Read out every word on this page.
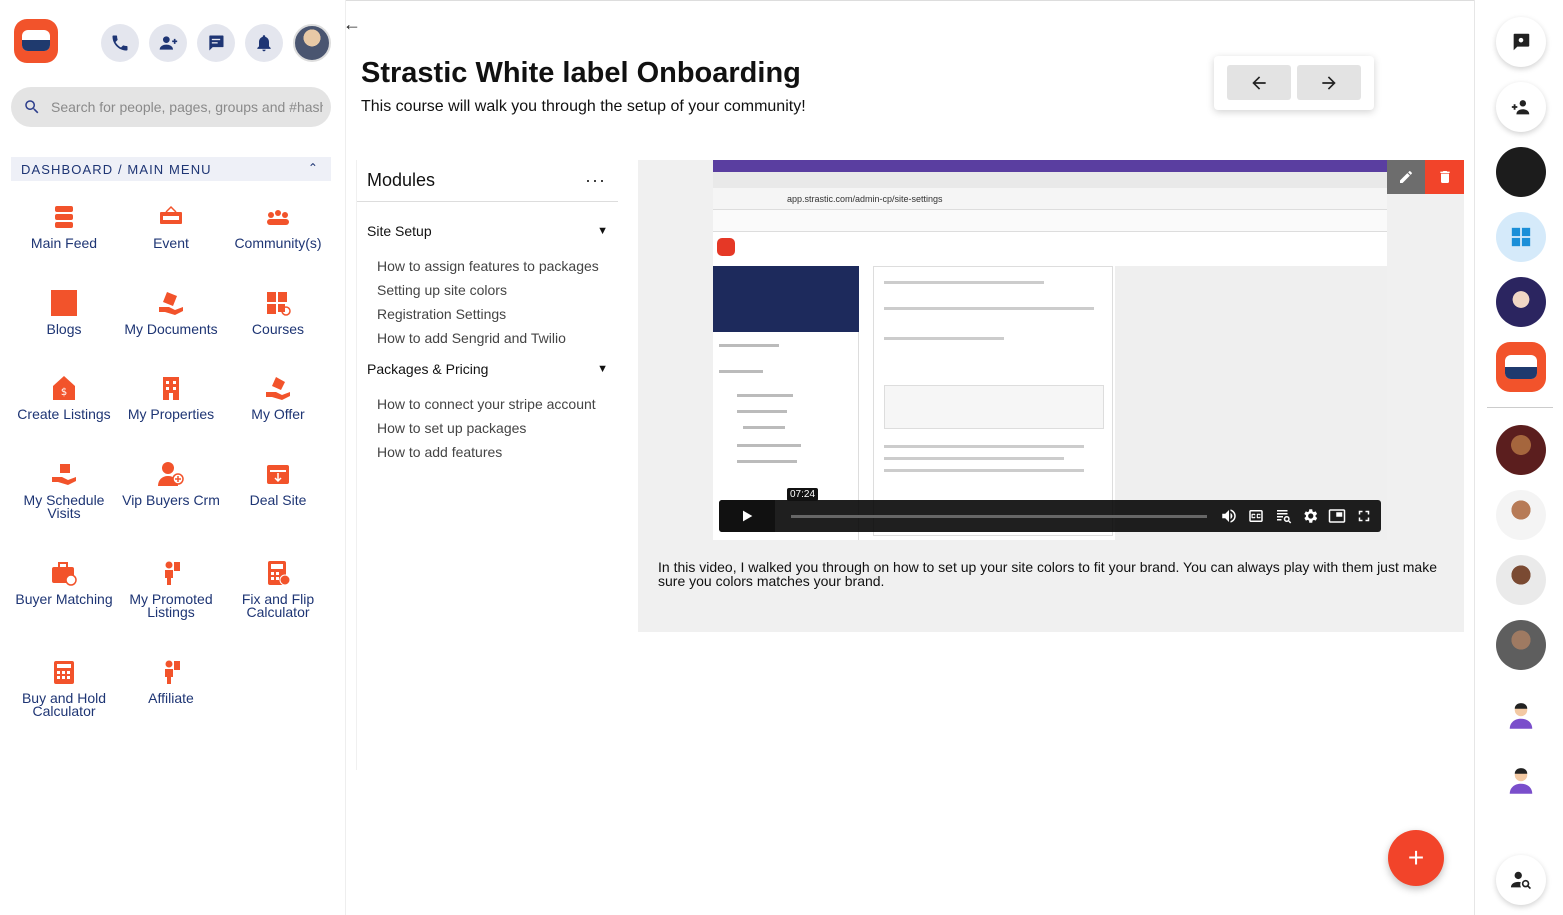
Search for people, pages, groups and #hashtags
DASHBOARD / MAIN MENU	⌃
Main Feed	Event	Community(s)
Blogs	My Documents	Courses
$
Create Listings	My Properties	My Offer
My Schedule Visits
Vip Buyers Crm	Deal Site
Buyer Matching	My Promoted Listings
Fix and Flip Calculator
Buy and Hold Calculator
Affiliate
←
Strastic White label Onboarding
This course will walk you through the setup of your community!
Modules	···
Site Setup	▼
How to assign features to packages
Setting up site colors
Registration Settings
How to add Sengrid and Twilio
Packages & Pricing	▼
How to connect your stripe account
How to set up packages
How to add features
app.strastic.com/admin-cp/site-settings
07:24
In this video, I walked you through on how to set up your site colors to fit your brand. You can always play with them just make sure you colors matches your brand.
+
